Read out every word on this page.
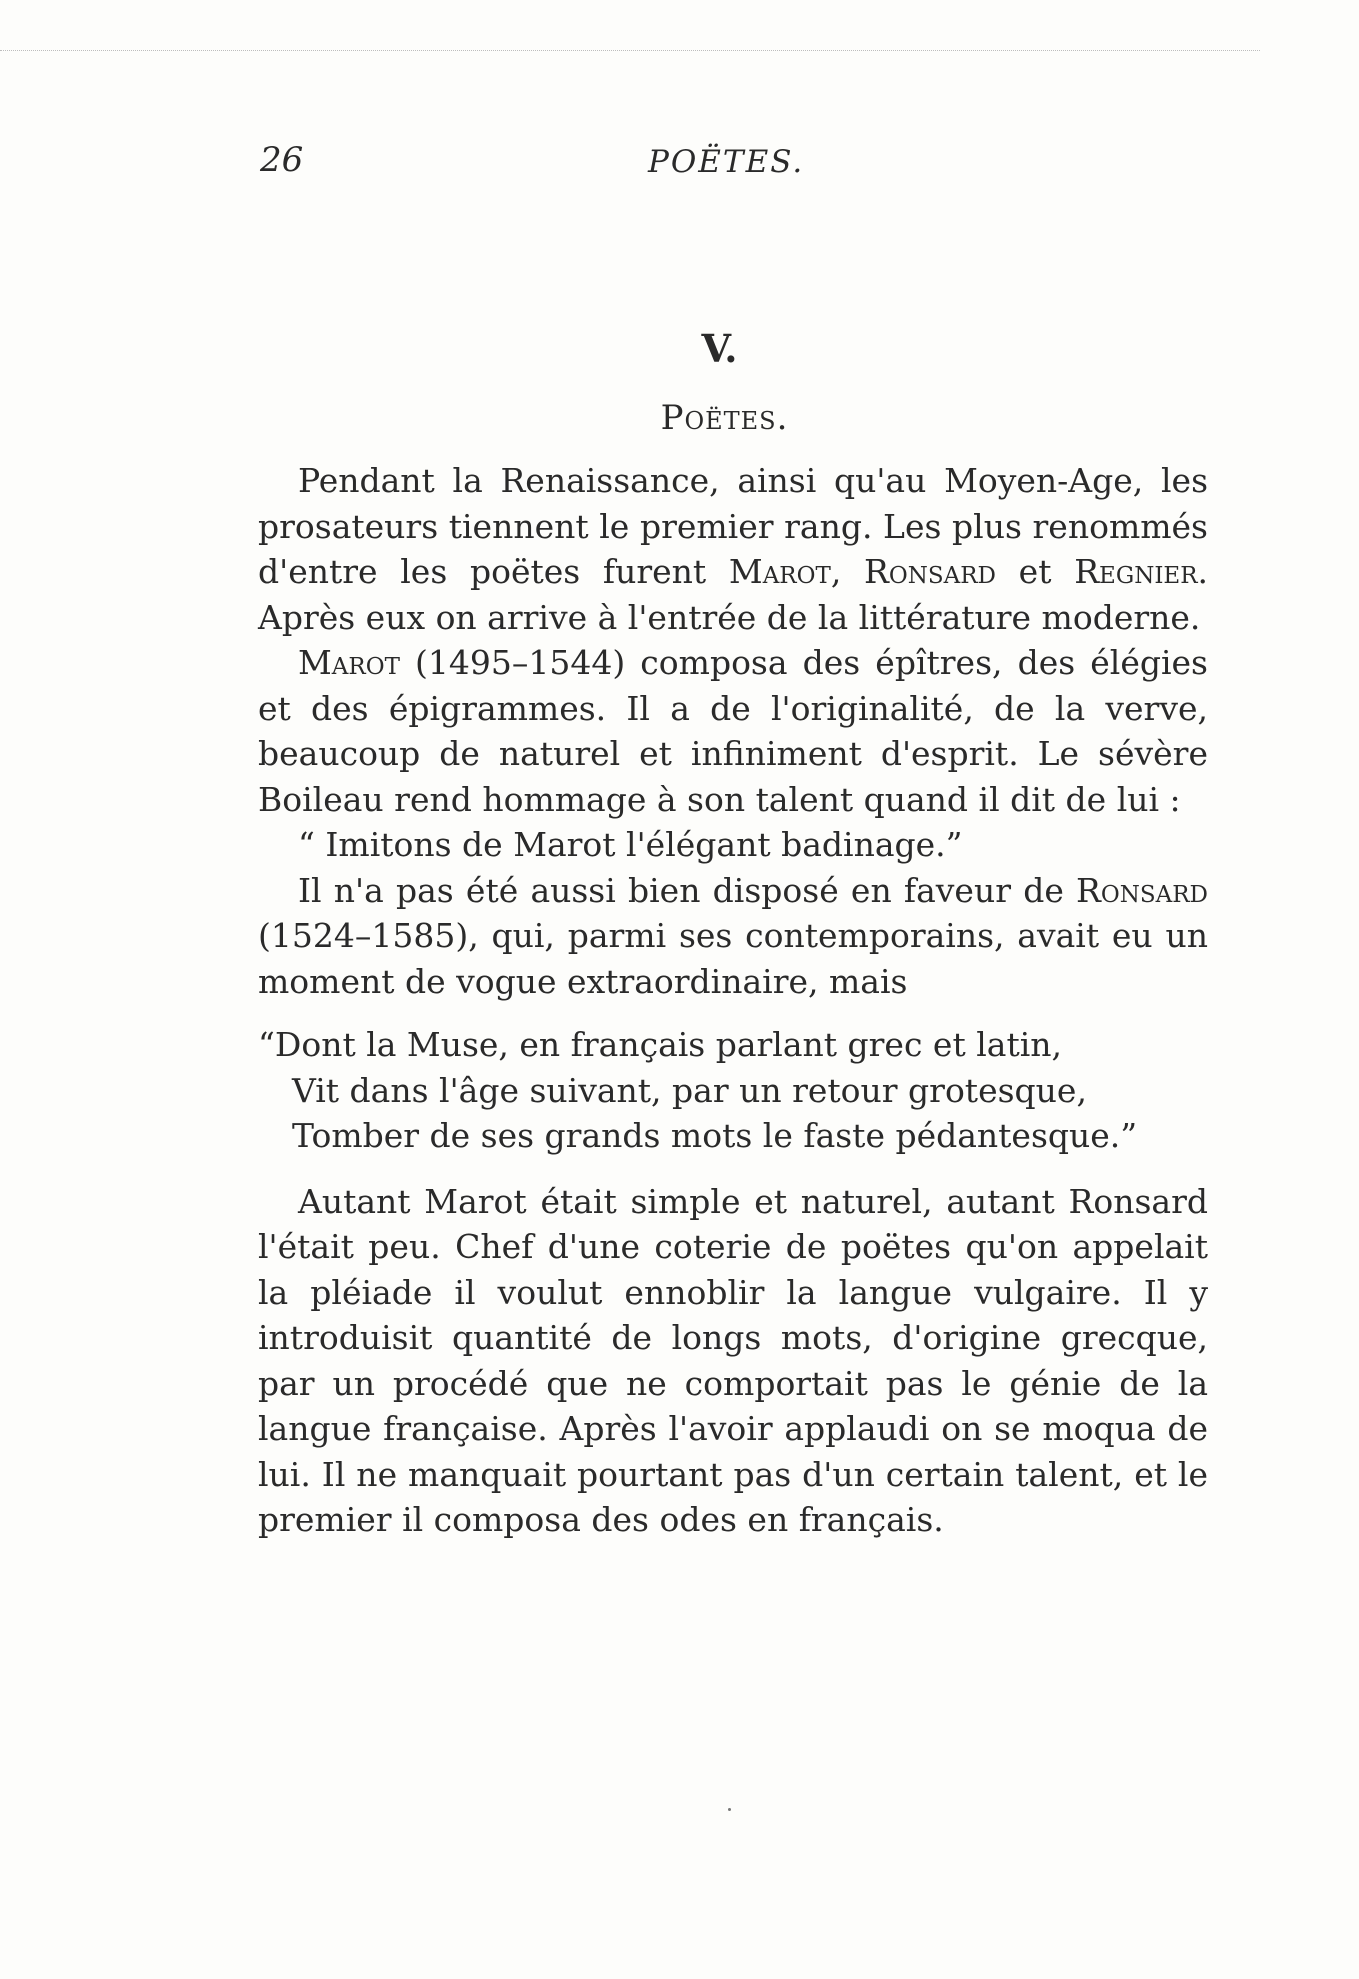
26	POËTES.
V.
Poëtes.

Pendant la Renaissance, ainsi qu'au Moyen-Age, les prosateurs tiennent le premier rang. Les plus renommés d'entre les poëtes furent Marot, Ronsard et Regnier. Après eux on arrive à l'entrée de la littérature moderne.

Marot (1495–1544) composa des épîtres, des élégies et des épigrammes. Il a de l'originalité, de la verve, beaucoup de naturel et infiniment d'esprit. Le sévère Boileau rend hommage à son talent quand il dit de lui :

“ Imitons de Marot l'élégant badinage.”

Il n'a pas été aussi bien disposé en faveur de Ronsard (1524–1585), qui, parmi ses contemporains, avait eu un moment de vogue extraordinaire, mais

“Dont la Muse, en français parlant grec et latin,
Vit dans l'âge suivant, par un retour grotesque,
Tomber de ses grands mots le faste pédantesque.”

Autant Marot était simple et naturel, autant Ronsard l'était peu. Chef d'une coterie de poëtes qu'on appelait la pléiade il voulut ennoblir la langue vulgaire. Il y introduisit quantité de longs mots, d'origine grecque, par un procédé que ne comportait pas le génie de la langue française. Après l'avoir applaudi on se moqua de lui. Il ne manquait pourtant pas d'un certain talent, et le premier il composa des odes en français.
